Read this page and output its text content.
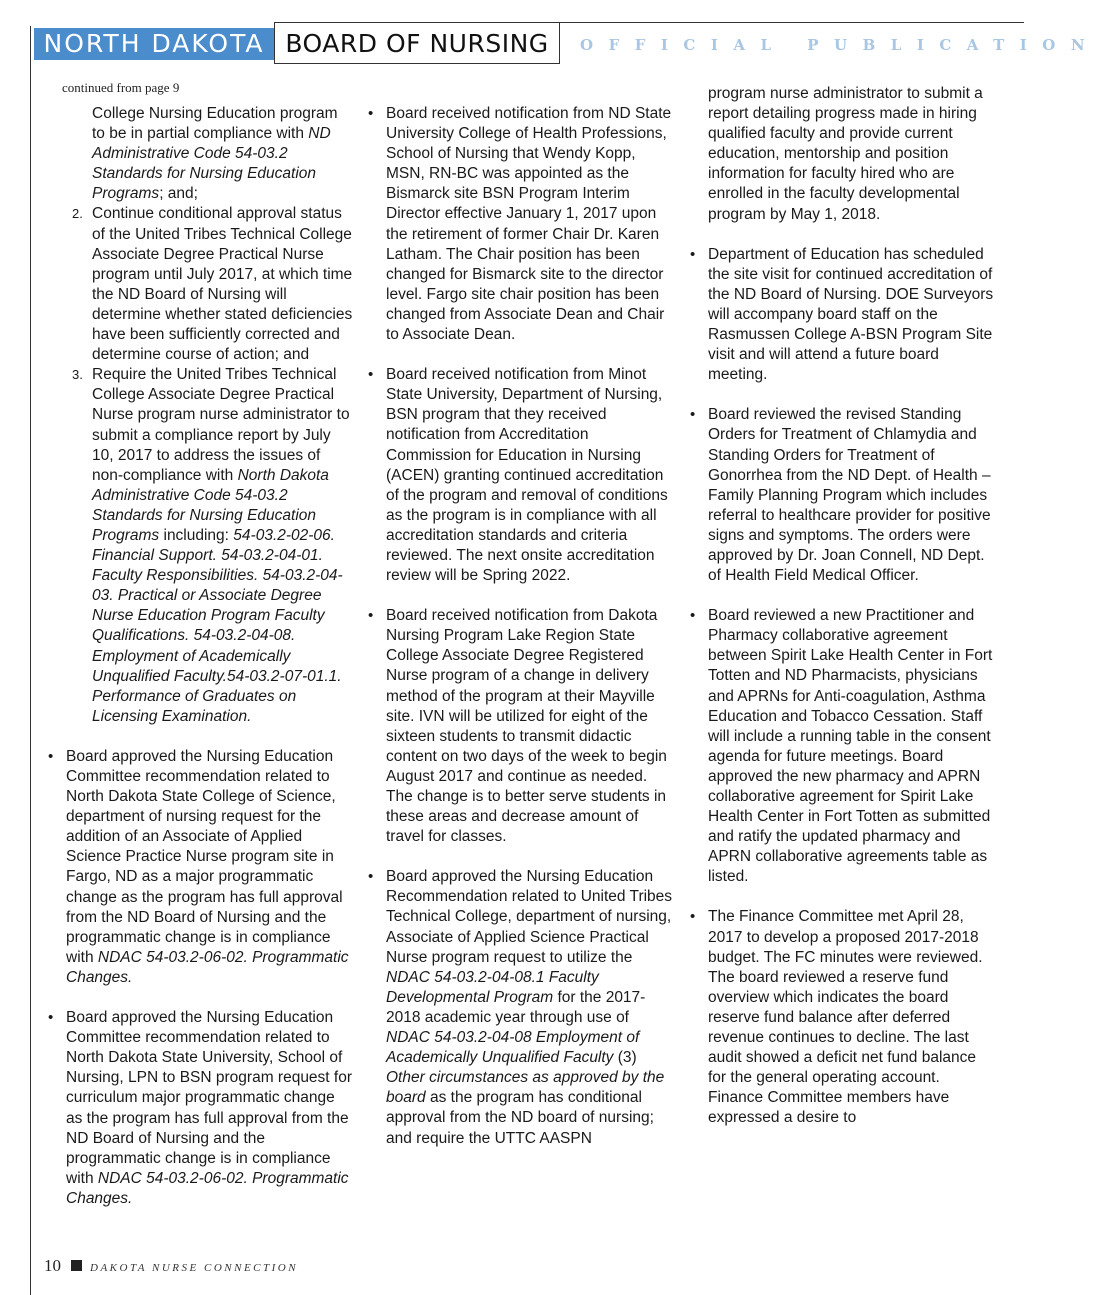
NORTH DAKOTA BOARD OF NURSING	OFFICIAL PUBLICATION
continued from page 9

College Nursing Education program to be in partial compliance with ND Administrative Code 54-03.2 Standards for Nursing Education Programs; and;

2. Continue conditional approval status of the United Tribes Technical College Associate Degree Practical Nurse program until July 2017, at which time the ND Board of Nursing will determine whether stated deficiencies have been sufficiently corrected and determine course of action; and

3. Require the United Tribes Technical College Associate Degree Practical Nurse program nurse administrator to submit a compliance report by July 10, 2017 to address the issues of non-compliance with North Dakota Administrative Code 54-03.2 Standards for Nursing Education Programs including: 54-03.2-02-06. Financial Support. 54-03.2-04-01. Faculty Responsibilities. 54-03.2-04-03. Practical or Associate Degree Nurse Education Program Faculty Qualifications. 54-03.2-04-08. Employment of Academically Unqualified Faculty.54-03.2-07-01.1. Performance of Graduates on Licensing Examination.

• Board approved the Nursing Education Committee recommendation related to North Dakota State College of Science, department of nursing request for the addition of an Associate of Applied Science Practice Nurse program site in Fargo, ND as a major programmatic change as the program has full approval from the ND Board of Nursing and the programmatic change is in compliance with NDAC 54-03.2-06-02. Programmatic Changes.

• Board approved the Nursing Education Committee recommendation related to North Dakota State University, School of Nursing, LPN to BSN program request for curriculum major programmatic change as the program has full approval from the ND Board of Nursing and the programmatic change is in compliance with NDAC 54-03.2-06-02. Programmatic Changes.

• Board received notification from ND State University College of Health Professions, School of Nursing that Wendy Kopp, MSN, RN-BC was appointed as the Bismarck site BSN Program Interim Director effective January 1, 2017 upon the retirement of former Chair Dr. Karen Latham. The Chair position has been changed for Bismarck site to the director level. Fargo site chair position has been changed from Associate Dean and Chair to Associate Dean.

• Board received notification from Minot State University, Department of Nursing, BSN program that they received notification from Accreditation Commission for Education in Nursing (ACEN) granting continued accreditation of the program and removal of conditions as the program is in compliance with all accreditation standards and criteria reviewed. The next onsite accreditation review will be Spring 2022.

• Board received notification from Dakota Nursing Program Lake Region State College Associate Degree Registered Nurse program of a change in delivery method of the program at their Mayville site. IVN will be utilized for eight of the sixteen students to transmit didactic content on two days of the week to begin August 2017 and continue as needed. The change is to better serve students in these areas and decrease amount of travel for classes.

• Board approved the Nursing Education Recommendation related to United Tribes Technical College, department of nursing, Associate of Applied Science Practical Nurse program request to utilize the NDAC 54-03.2-04-08.1 Faculty Developmental Program for the 2017-2018 academic year through use of NDAC 54-03.2-04-08 Employment of Academically Unqualified Faculty (3) Other circumstances as approved by the board as the program has conditional approval from the ND board of nursing; and require the UTTC AASPN

program nurse administrator to submit a report detailing progress made in hiring qualified faculty and provide current education, mentorship and position information for faculty hired who are enrolled in the faculty developmental program by May 1, 2018.

• Department of Education has scheduled the site visit for continued accreditation of the ND Board of Nursing. DOE Surveyors will accompany board staff on the Rasmussen College A-BSN Program Site visit and will attend a future board meeting.

• Board reviewed the revised Standing Orders for Treatment of Chlamydia and Standing Orders for Treatment of Gonorrhea from the ND Dept. of Health – Family Planning Program which includes referral to healthcare provider for positive signs and symptoms. The orders were approved by Dr. Joan Connell, ND Dept. of Health Field Medical Officer.

• Board reviewed a new Practitioner and Pharmacy collaborative agreement between Spirit Lake Health Center in Fort Totten and ND Pharmacists, physicians and APRNs for Anti-coagulation, Asthma Education and Tobacco Cessation. Staff will include a running table in the consent agenda for future meetings. Board approved the new pharmacy and APRN collaborative agreement for Spirit Lake Health Center in Fort Totten as submitted and ratify the updated pharmacy and APRN collaborative agreements table as listed.

• The Finance Committee met April 28, 2017 to develop a proposed 2017-2018 budget. The FC minutes were reviewed. The board reviewed a reserve fund overview which indicates the board reserve fund balance after deferred revenue continues to decline. The last audit showed a deficit net fund balance for the general operating account. Finance Committee members have expressed a desire to

10	DAKOTA NURSE CONNECTION
